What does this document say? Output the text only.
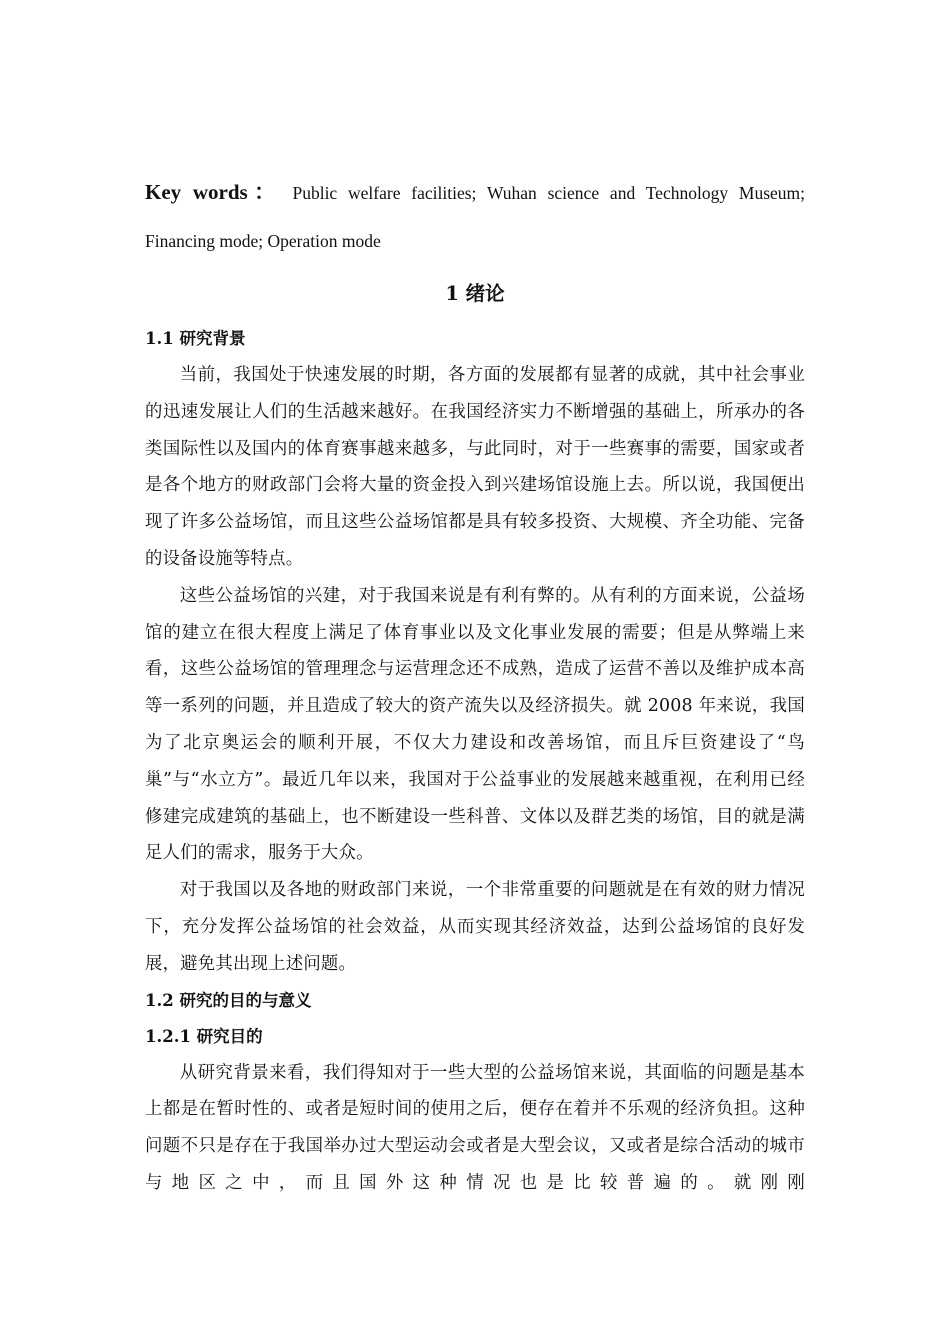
Key words： Public welfare facilities; Wuhan science and Technology Museum; Financing mode; Operation mode

1 绪论

1.1 研究背景

当前，我国处于快速发展的时期，各方面的发展都有显著的成就，其中社会事业的迅速发展让人们的生活越来越好。在我国经济实力不断增强的基础上，所承办的各类国际性以及国内的体育赛事越来越多，与此同时，对于一些赛事的需要，国家或者是各个地方的财政部门会将大量的资金投入到兴建场馆设施上去。所以说，我国便出现了许多公益场馆，而且这些公益场馆都是具有较多投资、大规模、齐全功能、完备的设备设施等特点。

这些公益场馆的兴建，对于我国来说是有利有弊的。从有利的方面来说，公益场馆的建立在很大程度上满足了体育事业以及文化事业发展的需要；但是从弊端上来看，这些公益场馆的管理理念与运营理念还不成熟，造成了运营不善以及维护成本高等一系列的问题，并且造成了较大的资产流失以及经济损失。就 2008 年来说，我国为了北京奥运会的顺利开展，不仅大力建设和改善场馆，而且斥巨资建设了“鸟巢”与“水立方”。最近几年以来，我国对于公益事业的发展越来越重视，在利用已经修建完成建筑的基础上，也不断建设一些科普、文体以及群艺类的场馆，目的就是满足人们的需求，服务于大众。

对于我国以及各地的财政部门来说，一个非常重要的问题就是在有效的财力情况下，充分发挥公益场馆的社会效益，从而实现其经济效益，达到公益场馆的良好发展，避免其出现上述问题。

1.2 研究的目的与意义

1.2.1 研究目的

从研究背景来看，我们得知对于一些大型的公益场馆来说，其面临的问题是基本上都是在暂时性的、或者是短时间的使用之后，便存在着并不乐观的经济负担。这种问题不只是存在于我国举办过大型运动会或者是大型会议，又或者是综合活动的城市与地区之中，而且国外这种情况也是比较普遍的。就刚刚
